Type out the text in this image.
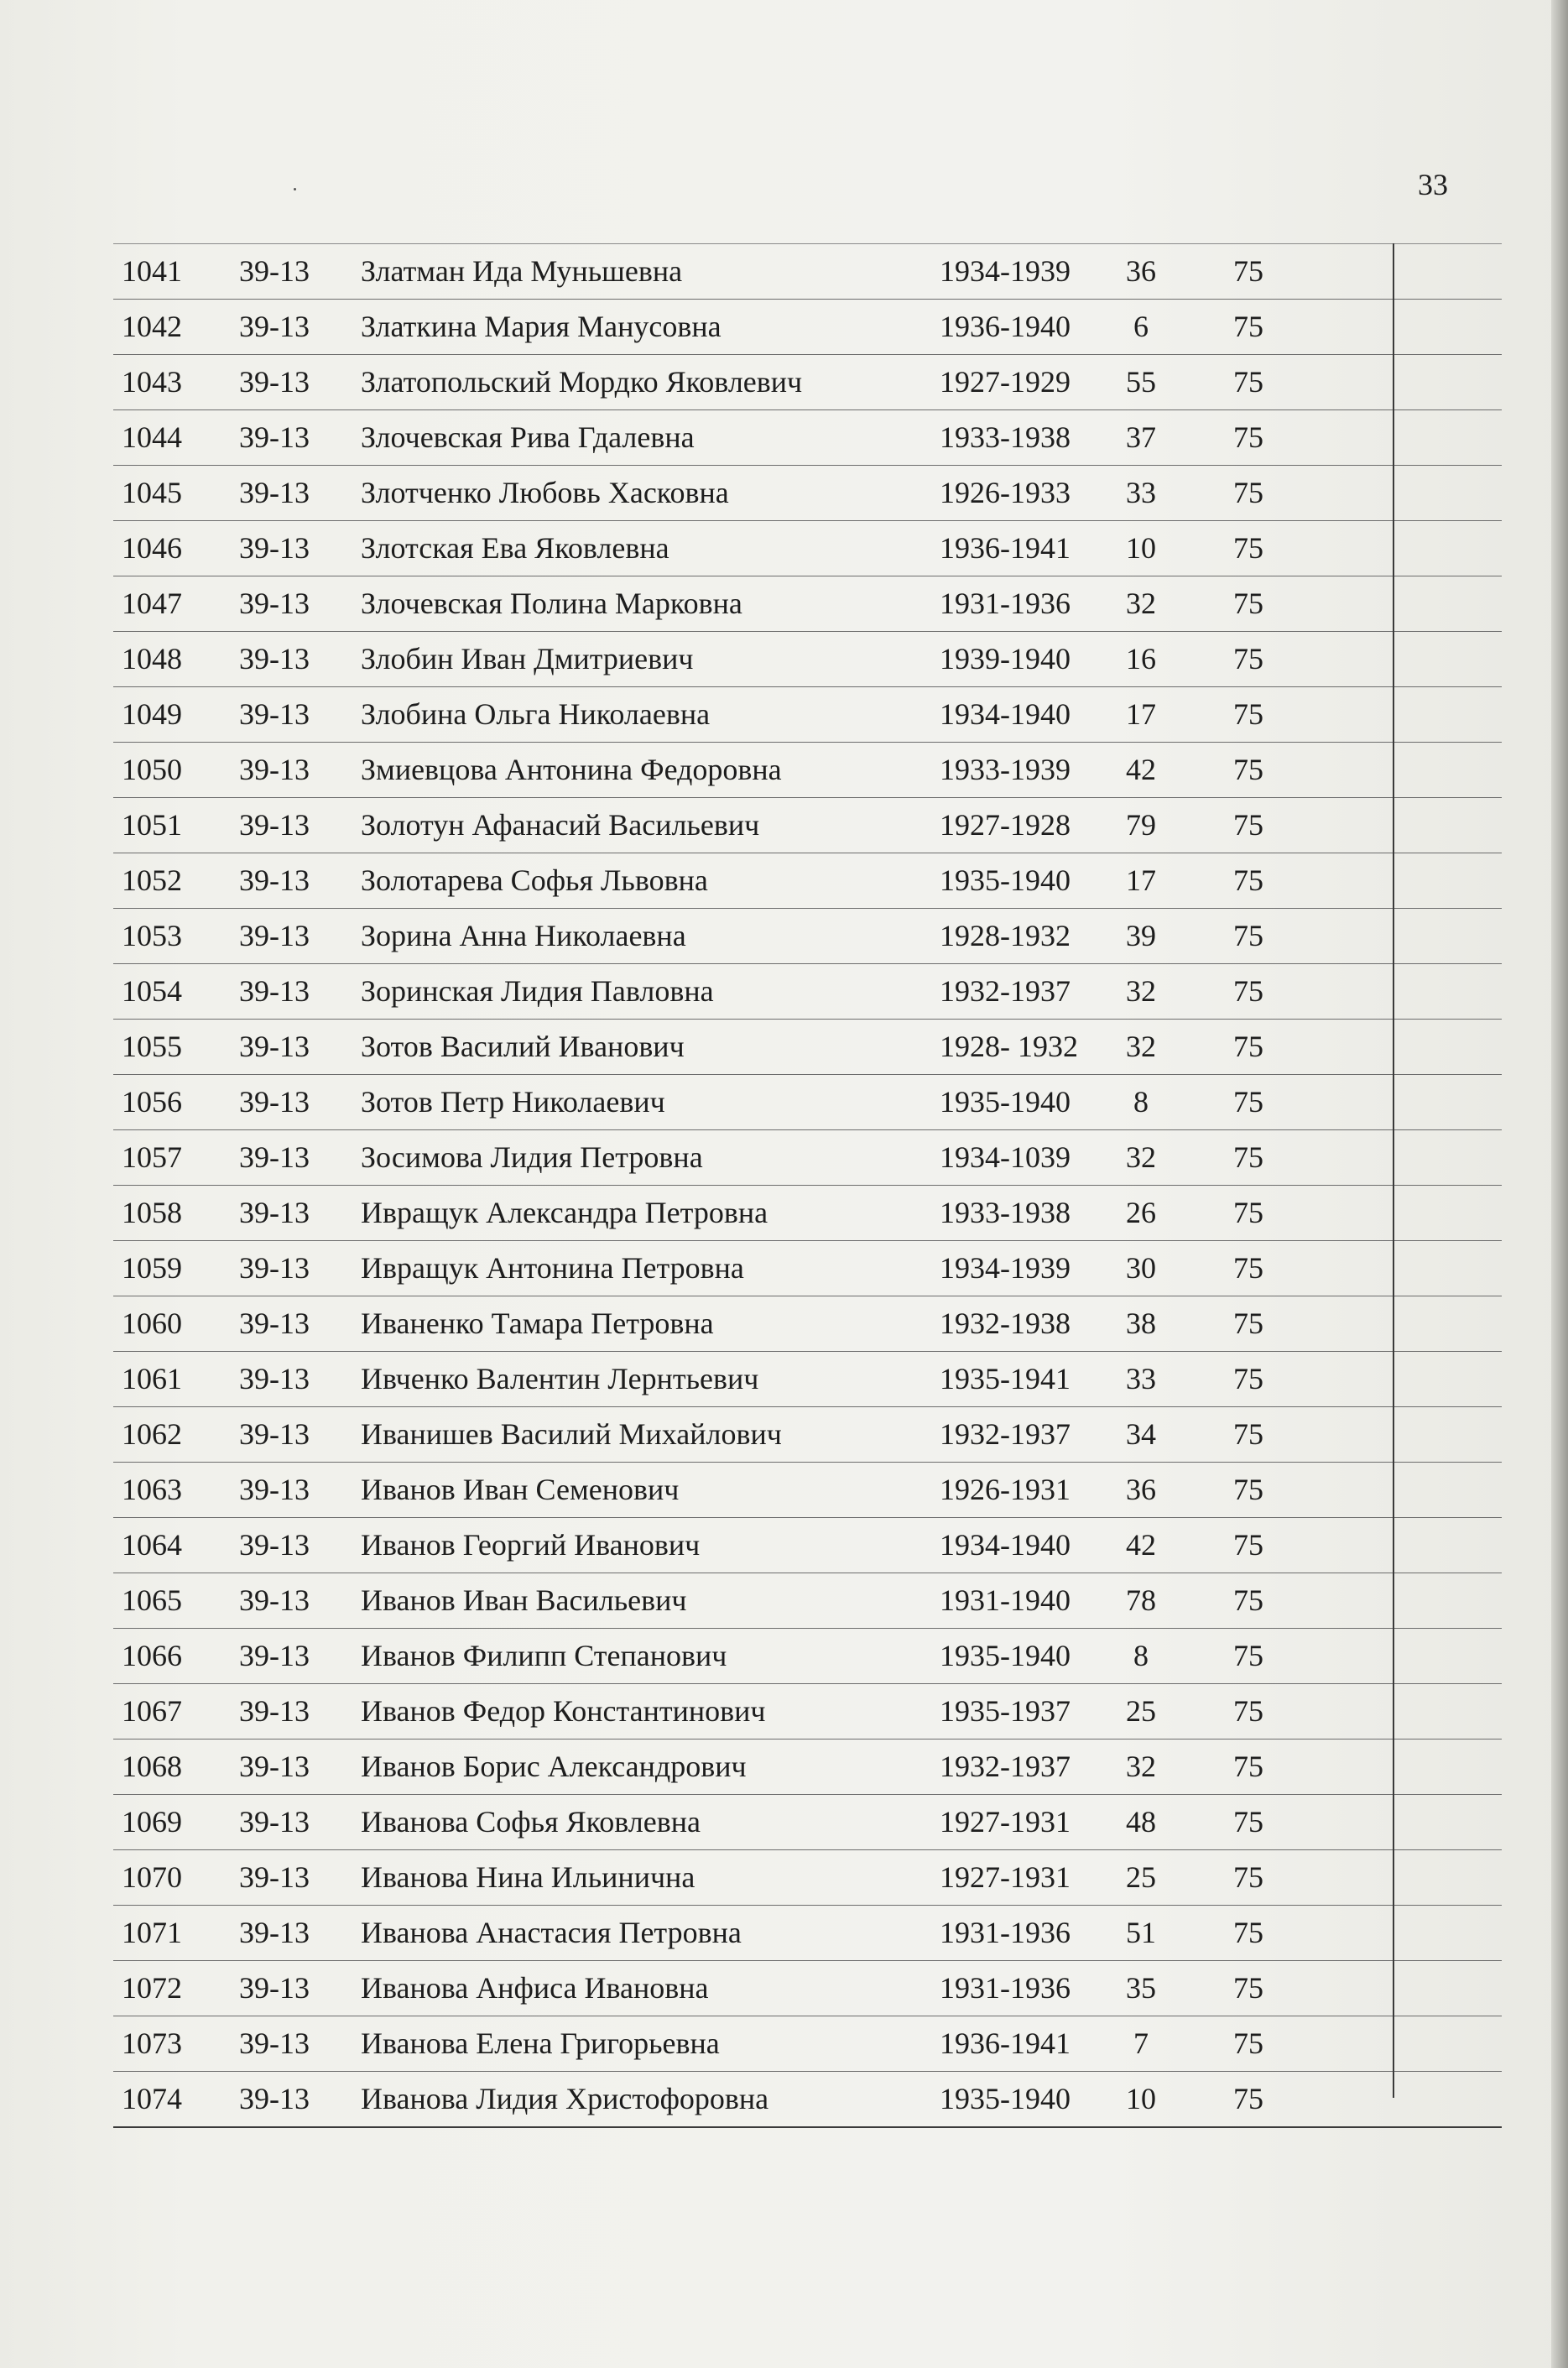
33
1041 39-13 Златман Ида Муньшевна	1934-1939	36	75
1042 39-13 Златкина Мария Манусовна	1936-1940	6	75
1043 39-13 Златопольский Мордко Яковлевич	1927-1929	55	75
1044 39-13 Злочевская Рива Гдалевна	1933-1938	37	75
1045 39-13 Злотченко Любовь Хасковна	1926-1933	33	75
1046 39-13 Злотская Ева Яковлевна	1936-1941	10	75
1047 39-13 Злочевская Полина Марковна	1931-1936	32	75
1048 39-13 Злобин Иван Дмитриевич	1939-1940	16	75
1049 39-13 Злобина Ольга Николаевна	1934-1940	17	75
1050 39-13 Змиевцова Антонина Федоровна	1933-1939	42	75
1051 39-13 Золотун Афанасий Васильевич	1927-1928	79	75
1052 39-13 Золотарева Софья Львовна	1935-1940	17	75
1053 39-13 Зорина Анна Николаевна	1928-1932	39	75
1054 39-13 Зоринская Лидия Павловна	1932-1937	32	75
1055 39-13 Зотов Василий Иванович	1928- 1932	32	75
1056 39-13 Зотов Петр Николаевич	1935-1940	8	75
1057 39-13 Зосимова Лидия Петровна	1934-1039	32	75
1058 39-13 Ивращук Александра Петровна	1933-1938	26	75
1059 39-13 Ивращук Антонина Петровна	1934-1939	30	75
1060 39-13 Иваненко Тамара Петровна	1932-1938	38	75
1061 39-13 Ивченко Валентин Лернтьевич	1935-1941	33	75
1062 39-13 Иванишев Василий Михайлович	1932-1937	34	75
1063 39-13 Иванов Иван Семенович	1926-1931	36	75
1064 39-13 Иванов Георгий Иванович	1934-1940	42	75
1065 39-13 Иванов Иван Васильевич	1931-1940	78	75
1066 39-13 Иванов Филипп Степанович	1935-1940	8	75
1067 39-13 Иванов Федор Константинович	1935-1937	25	75
1068 39-13 Иванов Борис Александрович	1932-1937	32	75
1069 39-13 Иванова Софья Яковлевна	1927-1931	48	75
1070 39-13 Иванова Нина Ильинична	1927-1931	25	75
1071 39-13 Иванова Анастасия Петровна	1931-1936	51	75
1072 39-13 Иванова Анфиса Ивановна	1931-1936	35	75
1073 39-13 Иванова Елена Григорьевна	1936-1941	7	75
1074 39-13 Иванова Лидия Христофоровна	1935-1940	10	75
